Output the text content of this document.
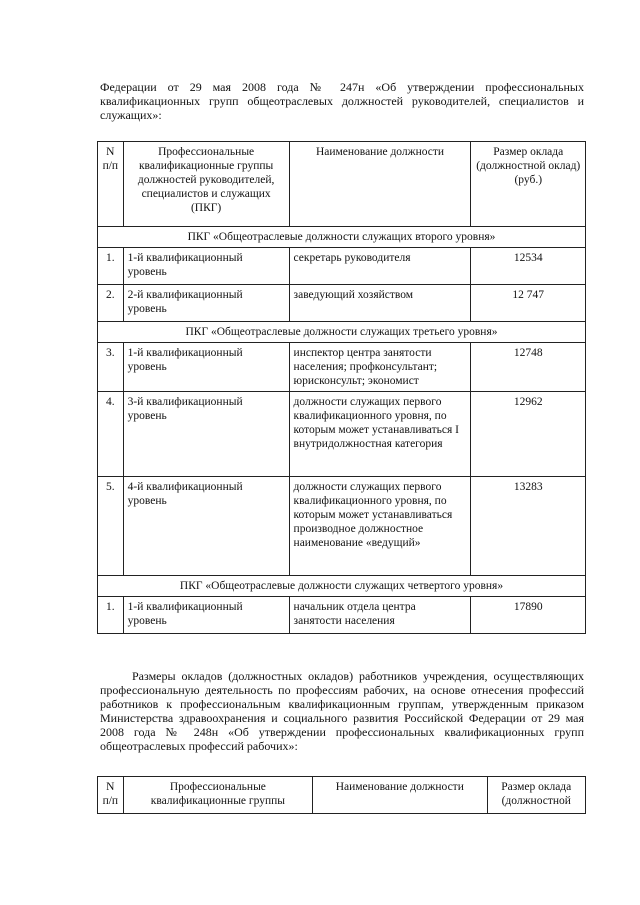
Федерации от 29 мая 2008 года № 247н «Об утверждении профессиональных квалификационных групп общеотраслевых должностей руководителей, специалистов и служащих»:

N п/п	Профессиональные квалификационные группы должностей руководителей, специалистов и служащих (ПКГ)	Наименование должности	Размер оклада (должностной оклад) (руб.)
ПКГ «Общеотраслевые должности служащих второго уровня»			
1.	1-й квалификационный уровень	секретарь руководителя	12534
2.	2-й квалификационный уровень	заведующий хозяйством	12 747
ПКГ «Общеотраслевые должности служащих третьего уровня»			
3.	1-й квалификационный уровень	инспектор центра занятости населения; профконсультант; юрисконсульт; экономист	12748
4.	3-й квалификационный уровень	должности служащих первого квалификационного уровня, по которым может устанавливаться I внутридолжностная категория	12962
5.	4-й квалификационный уровень	должности служащих первого квалификационного уровня, по которым может устанавливаться производное должностное наименование «ведущий»	13283
ПКГ «Общеотраслевые должности служащих четвертого уровня»			
1.	1-й квалификационный уровень	начальник отдела центра занятости населения	17890

Размеры окладов (должностных окладов) работников учреждения, осуществляющих профессиональную деятельность по профессиям рабочих, на основе отнесения профессий работников к профессиональным квалификационным группам, утвержденным приказом Министерства здравоохранения и социального развития Российской Федерации от 29 мая 2008 года № 248н «Об утверждении профессиональных квалификационных групп общеотраслевых профессий рабочих»:

N п/п	Профессиональные квалификационные группы	Наименование должности	Размер оклада (должностной
